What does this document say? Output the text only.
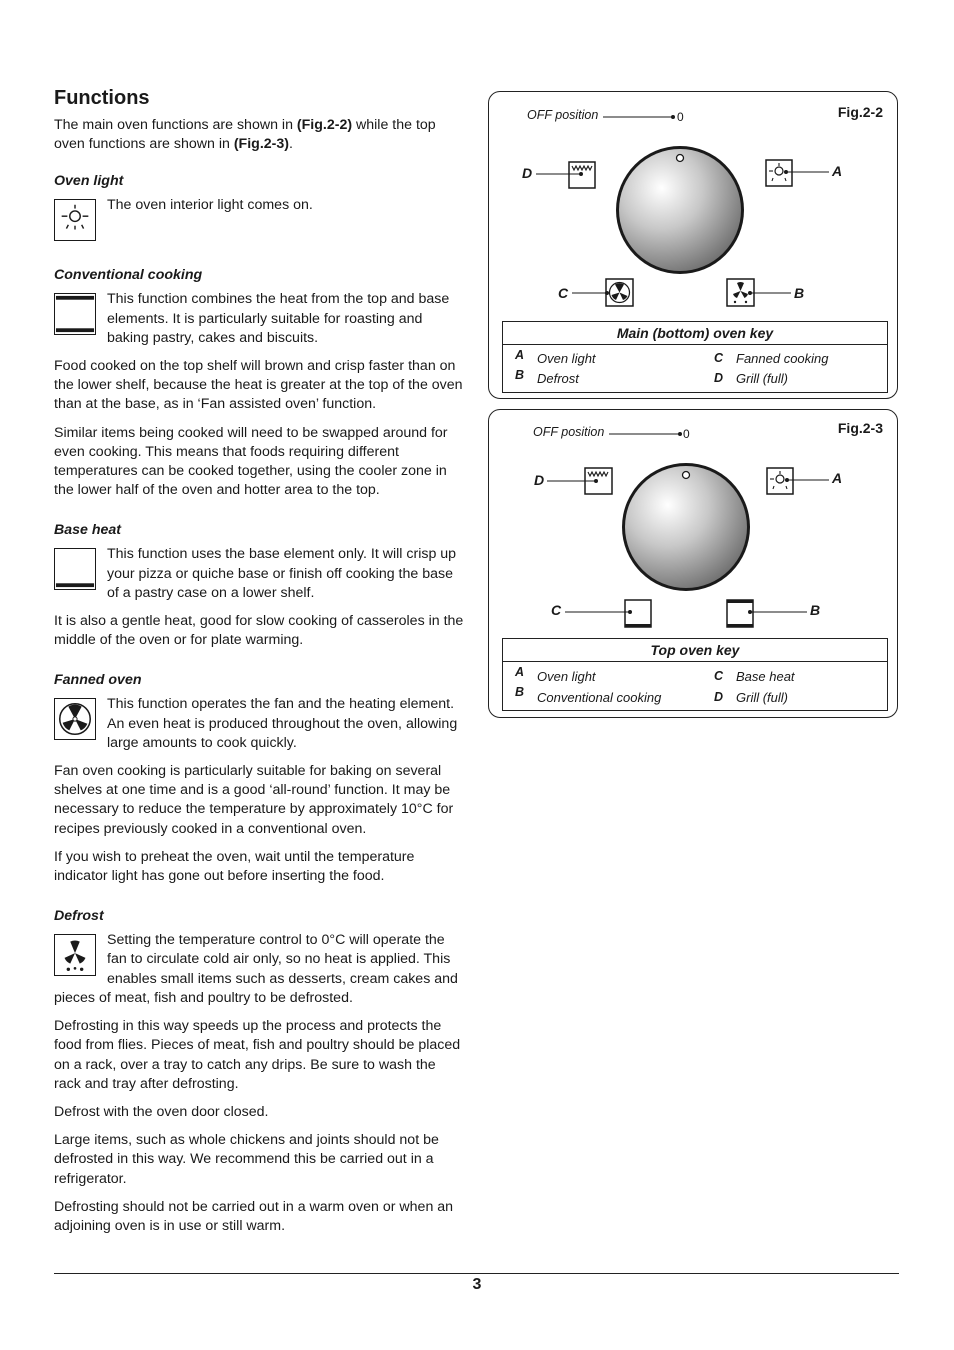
Functions

The main oven functions are shown in (Fig.2-2) while the top oven functions are shown in (Fig.2-3).

Oven light

The oven interior light comes on.

Conventional cooking

This function combines the heat from the top and base elements. It is particularly suitable for roasting and baking pastry, cakes and biscuits.

Food cooked on the top shelf will brown and crisp faster than on the lower shelf, because the heat is greater at the top of the oven than at the base, as in ‘Fan assisted oven’ function.

Similar items being cooked will need to be swapped around for even cooking. This means that foods requiring different temperatures can be cooked together, using the cooler zone in the lower half of the oven and hotter area to the top.

Base heat

This function uses the base element only. It will crisp up your pizza or quiche base or finish off cooking the base of a pastry case on a lower shelf.

It is also a gentle heat, good for slow cooking of casseroles in the middle of the oven or for plate warming.

Fanned oven

This function operates the fan and the heating element. An even heat is produced throughout the oven, allowing large amounts to cook quickly.

Fan oven cooking is particularly suitable for baking on several shelves at one time and is a good ‘all-round’ function. It may be necessary to reduce the temperature by approximately 10°C for recipes previously cooked in a conventional oven.

If you wish to preheat the oven, wait until the temperature indicator light has gone out before inserting the food.

Defrost

Setting the temperature control to 0°C will operate the fan to circulate cold air only, so no heat is applied. This enables small items such as desserts, cream cakes and pieces of meat, fish and poultry to be defrosted.

Defrosting in this way speeds up the process and protects the food from flies. Pieces of meat, fish and poultry should be placed on a rack, over a tray to catch any drips. Be sure to wash the rack and tray after defrosting.

Defrost with the oven door closed.

Large items, such as whole chickens and joints should not be defrosted in this way. We recommend this be carried out in a refrigerator.

Defrosting should not be carried out in a warm oven or when an adjoining oven is in use or still warm.

OFF position	0	Fig.2-2
D	A
C	B
Main (bottom) oven key
A Oven light	C Fanned cooking
B Defrost	D Grill (full)
OFF position	0	Fig.2-3
D	A
C	B
Top oven key
A Oven light	C Base heat
B Conventional cooking	D Grill (full)
3
